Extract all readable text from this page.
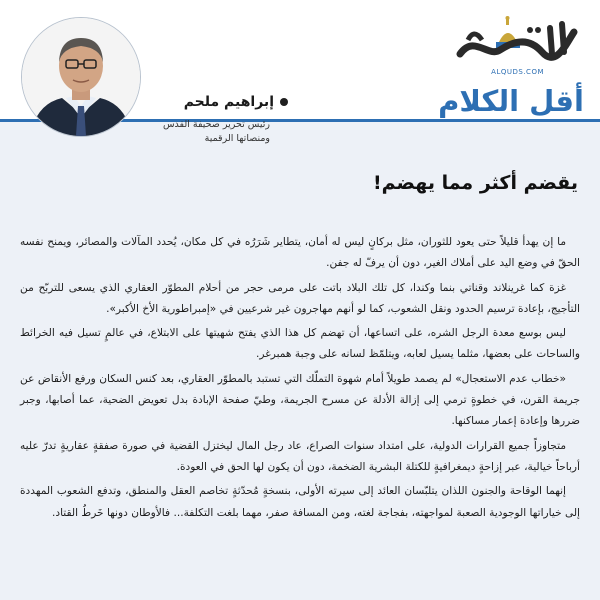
ALQUDS.COM
أقل الكلام
إبراهيم ملحم
رئيس تحرير صحيفة القدس
ومنصاتها الرقمية
يقضم أكثر مما يهضم!

ما إن يهدأ قليلاً حتى يعود للثوران، مثل بركانٍ ليس له أمان، يتطاير شَرَرُه في كل مكان، يُحدد المآلات والمصائر، ويمنح نفسه الحقّ في وضع اليد على أملاك الغير، دون أن يرفّ له جفن.

غزة كما غرينلاند وقناتي بنما وكندا، كل تلك البلاد باتت على مرمى حجر من أحلام المطوّر العقاري الذي يسعى للتربّح من التأجيج، بإعادة ترسيم الحدود ونقل الشعوب، كما لو أنهم مهاجرون غير شرعيين في «إمبراطورية الأخ الأكبر».

ليس بوسع معدة الرجل الشره، على اتساعها، أن تهضم كل هذا الذي يفتح شهيتها على الابتلاع، في عالمٍ تسيل فيه الخرائط والساحات على بعضها، مثلما يسيل لعابه، ويتلمّظ لسانه على وجبة همبرغر.

«خطاب عدم الاستعجال» لم يصمد طويلاً أمام شهوة التملّك التي تستبد بالمطوّر العقاري، بعد كنس السكان ورفع الأنقاض عن جريمة القرن، في خطوةٍ ترمي إلى إزالة الأدلة عن مسرح الجريمة، وطيّ صفحة الإبادة بدل تعويض الضحية، عما أصابها، وجبر ضررها وإعادة إعمار مساكنها.

متجاوزاً جميع القرارات الدولية، على امتداد سنوات الصراع، عاد رجل المال ليختزل القضية في صورة صفقةٍ عقاريةٍ تدرّ عليه أرباحاً خيالية، عبر إزاحةٍ ديمغرافيةٍ للكتلة البشرية الضخمة، دون أن يكون لها الحق في العودة.

إنهما الوقاحة والجنون اللذان يتلبّسان العائد إلى سيرته الأولى، بنسخةٍ مُحدّثةٍ تخاصم العقل والمنطق، وتدفع الشعوب المهددة إلى خياراتها الوجودية الصعبة لمواجهته، بفجاجة لغته، ومن المسافة صفر، مهما بلغت التكلفة... فالأوطان دونها خَرطُ القتاد.
